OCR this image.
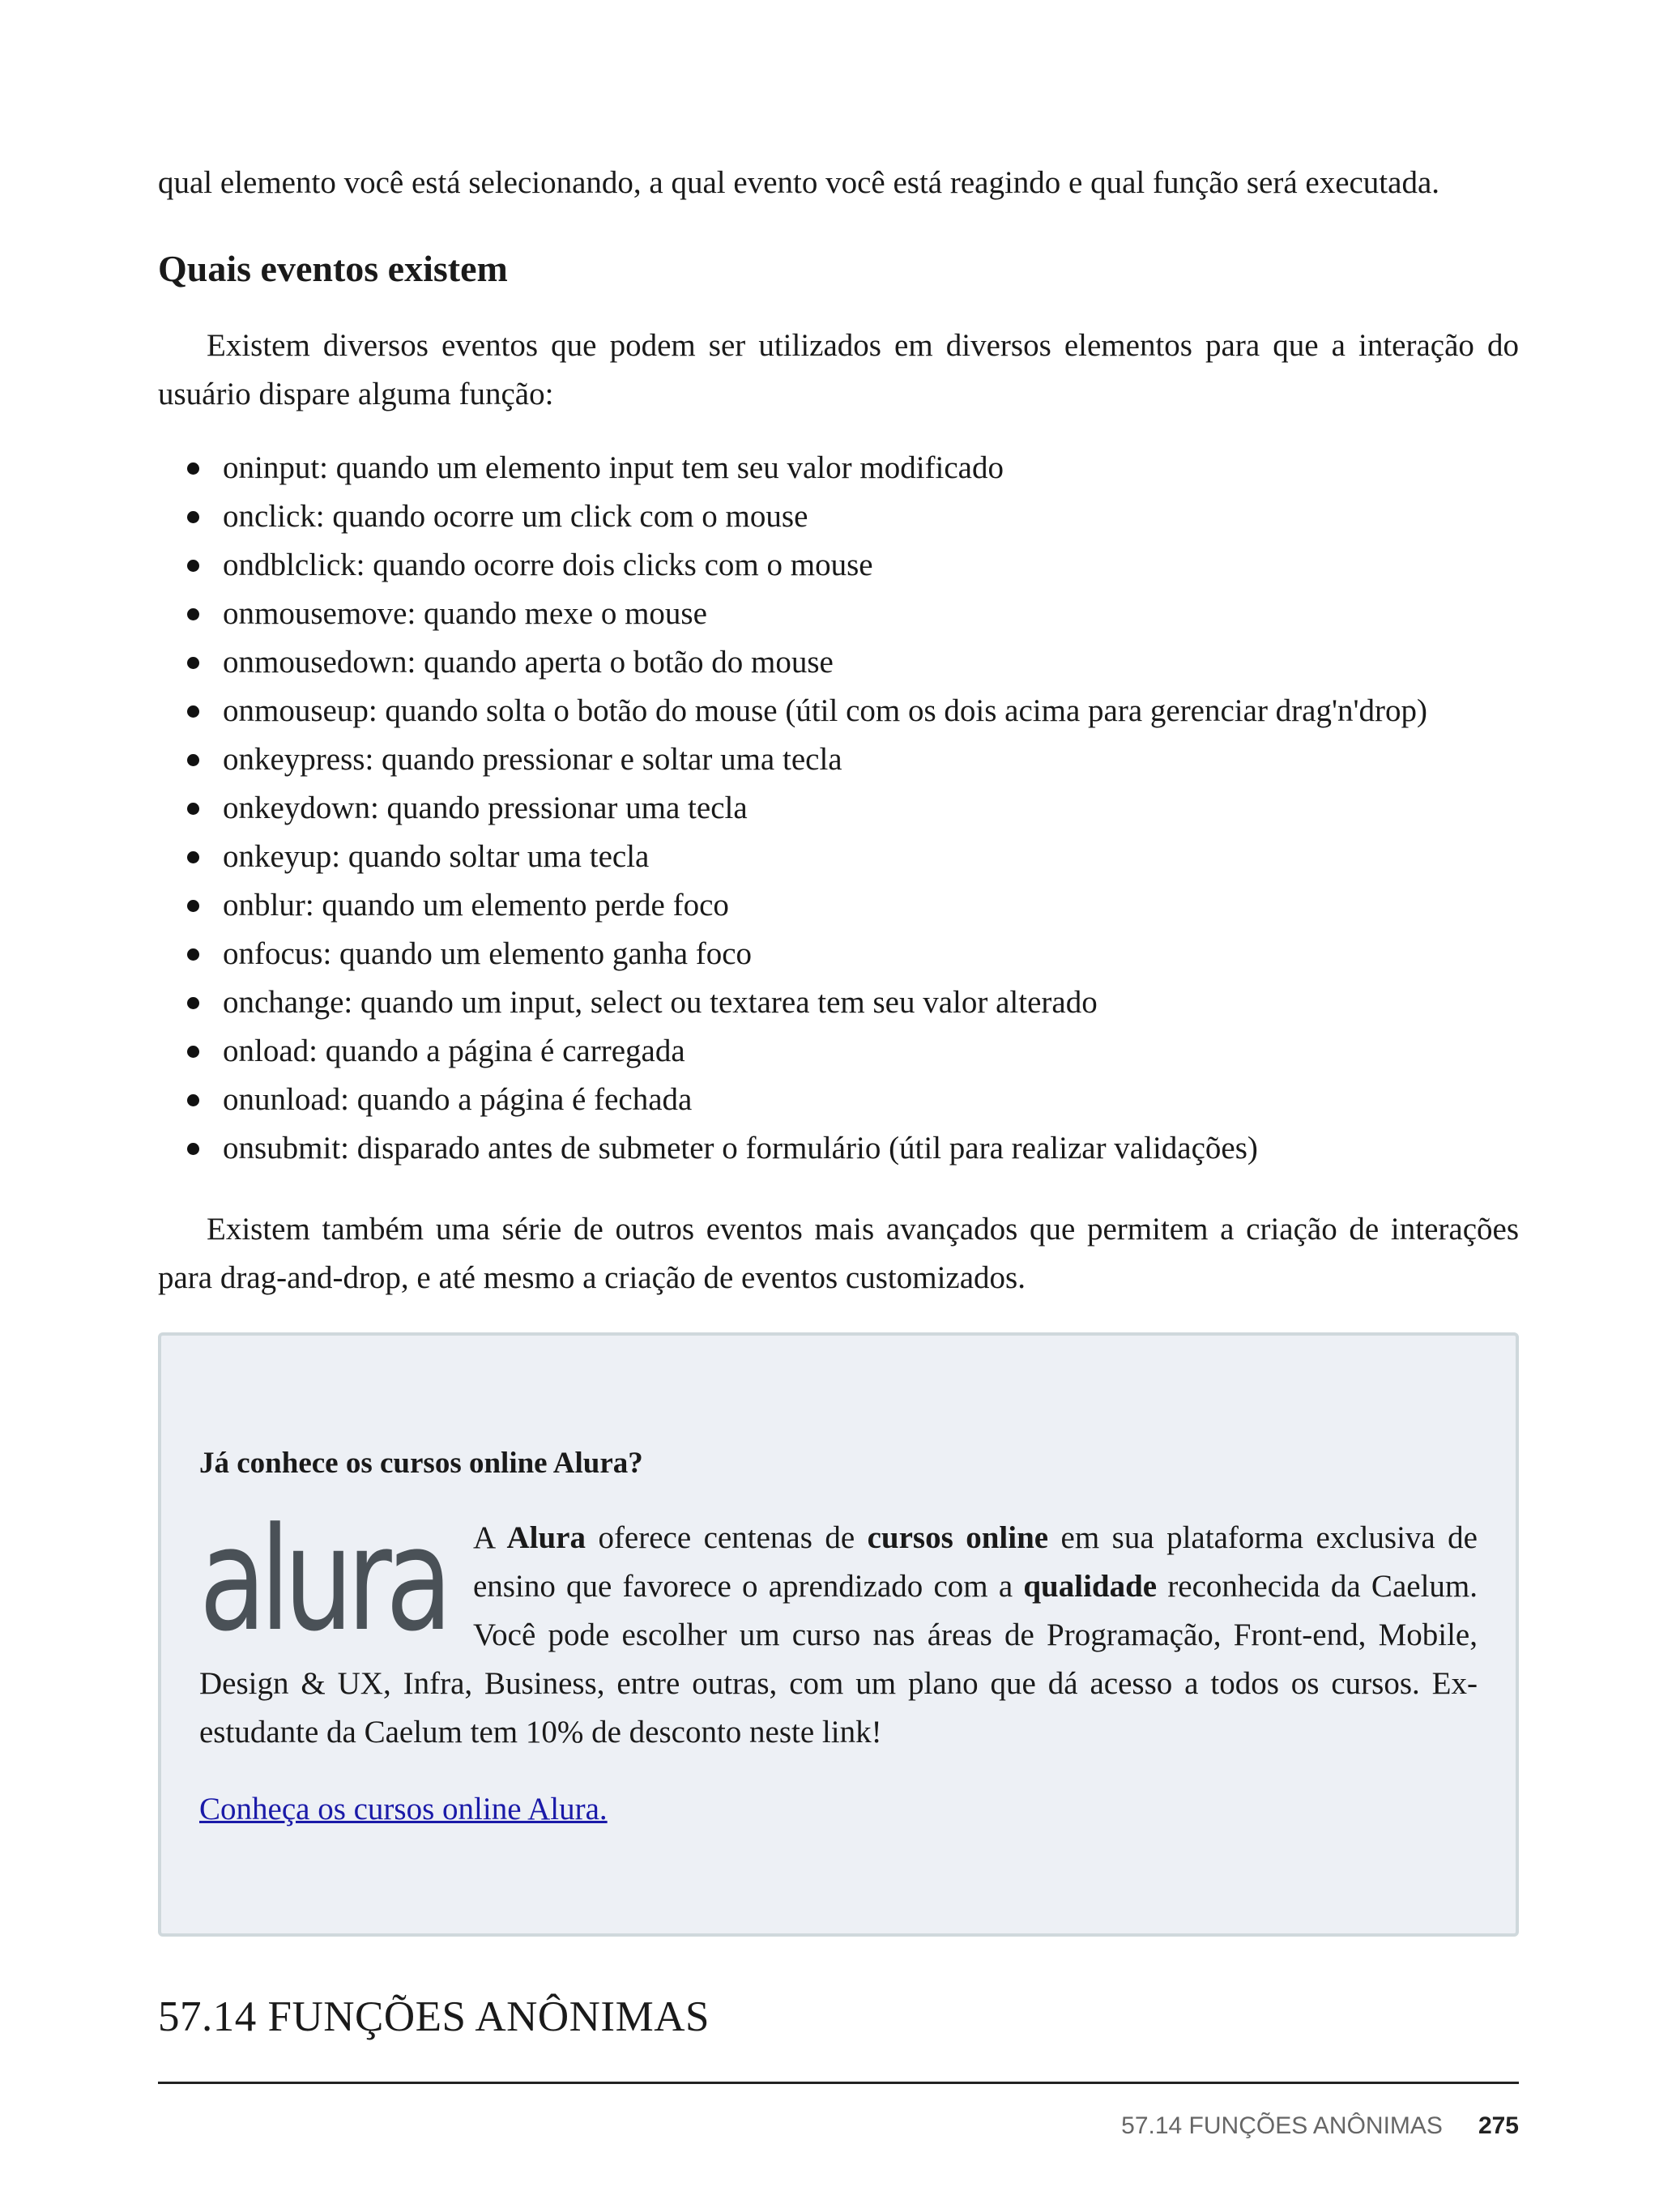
qual elemento você está selecionando, a qual evento você está reagindo e qual função será executada.
Quais eventos existem

Existem diversos eventos que podem ser utilizados em diversos elementos para que a interação do usuário dispare alguma função:

oninput: quando um elemento input tem seu valor modificado
onclick: quando ocorre um click com o mouse
ondblclick: quando ocorre dois clicks com o mouse
onmousemove: quando mexe o mouse
onmousedown: quando aperta o botão do mouse
onmouseup: quando solta o botão do mouse (útil com os dois acima para gerenciar drag'n'drop)
onkeypress: quando pressionar e soltar uma tecla
onkeydown: quando pressionar uma tecla
onkeyup: quando soltar uma tecla
onblur: quando um elemento perde foco
onfocus: quando um elemento ganha foco
onchange: quando um input, select ou textarea tem seu valor alterado
onload: quando a página é carregada
onunload: quando a página é fechada
onsubmit: disparado antes de submeter o formulário (útil para realizar validações)

Existem também uma série de outros eventos mais avançados que permitem a criação de interações para drag-and-drop, e até mesmo a criação de eventos customizados.

Já conhece os cursos online Alura?

alura A Alura oferece centenas de cursos online em sua plataforma exclusiva de ensino que favorece o aprendizado com a qualidade reconhecida da Caelum. Você pode escolher um curso nas áreas de Programação, Front-end, Mobile, Design & UX, Infra, Business, entre outras, com um plano que dá acesso a todos os cursos. Ex-estudante da Caelum tem 10% de desconto neste link!

Conheça os cursos online Alura.
57.14 FUNÇÕES ANÔNIMAS
57.14 FUNÇÕES ANÔNIMAS 275
